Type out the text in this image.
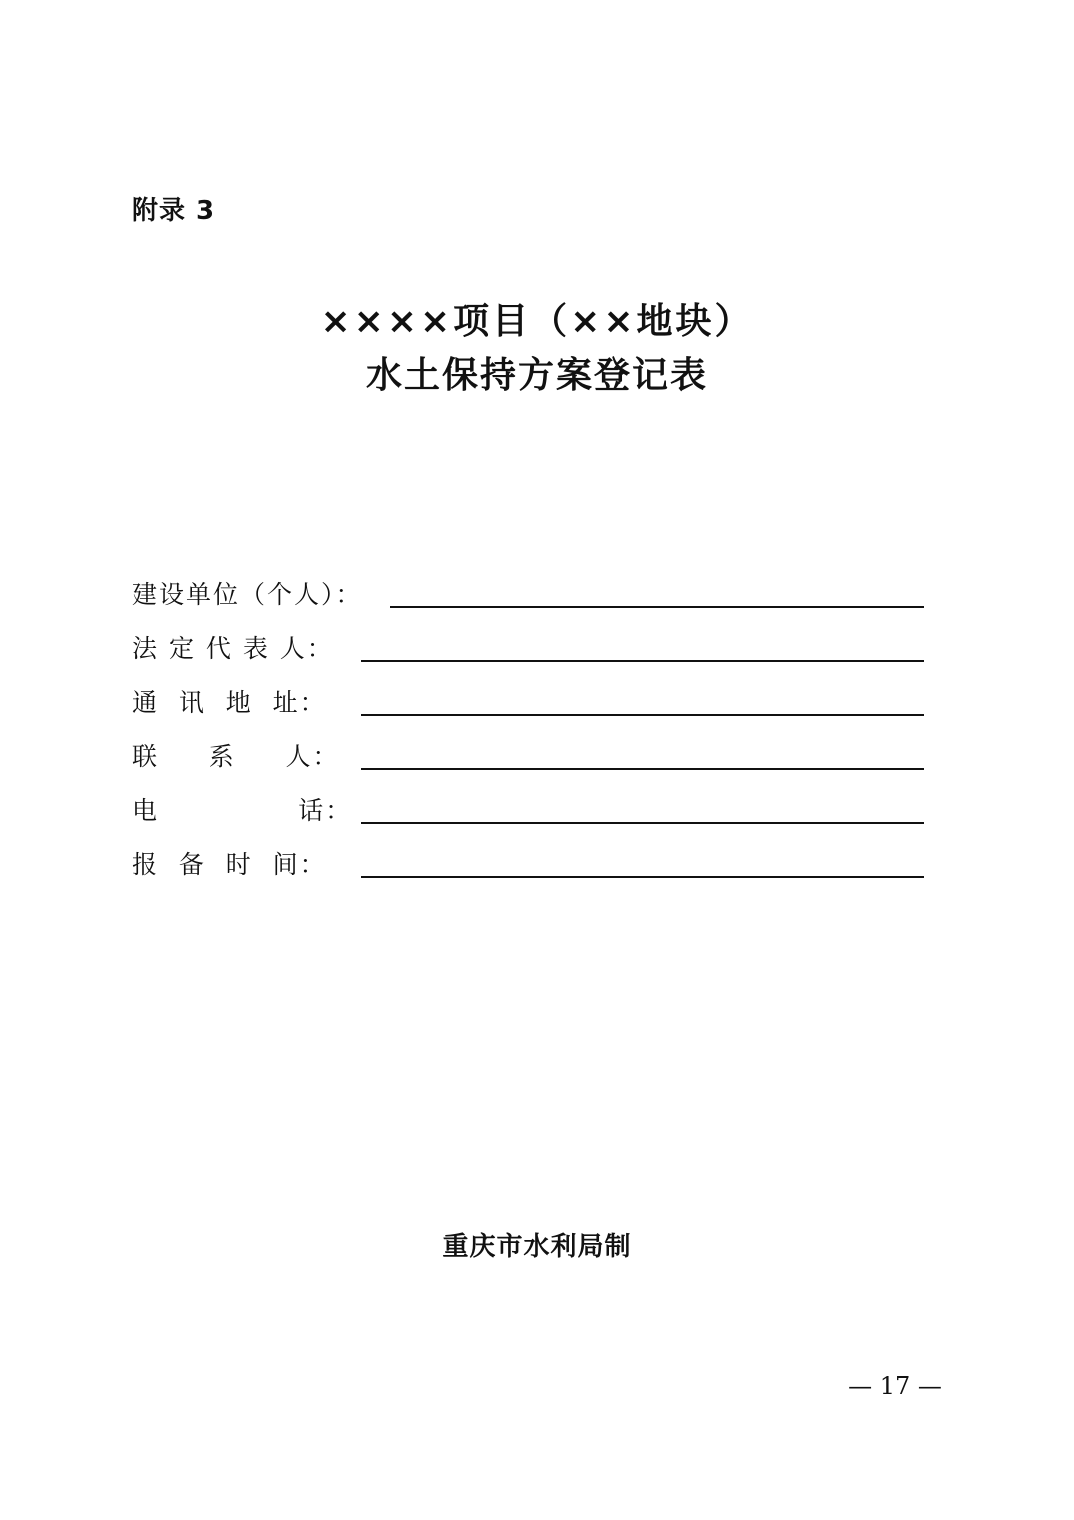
附录 3
××××项目（××地块）
水土保持方案登记表
建设单位（个人）：
法 定 代 表 人：
通  讯  地  址：
联     系     人：
电              话：
报  备  时  间：
重庆市水利局制
— 17 —
